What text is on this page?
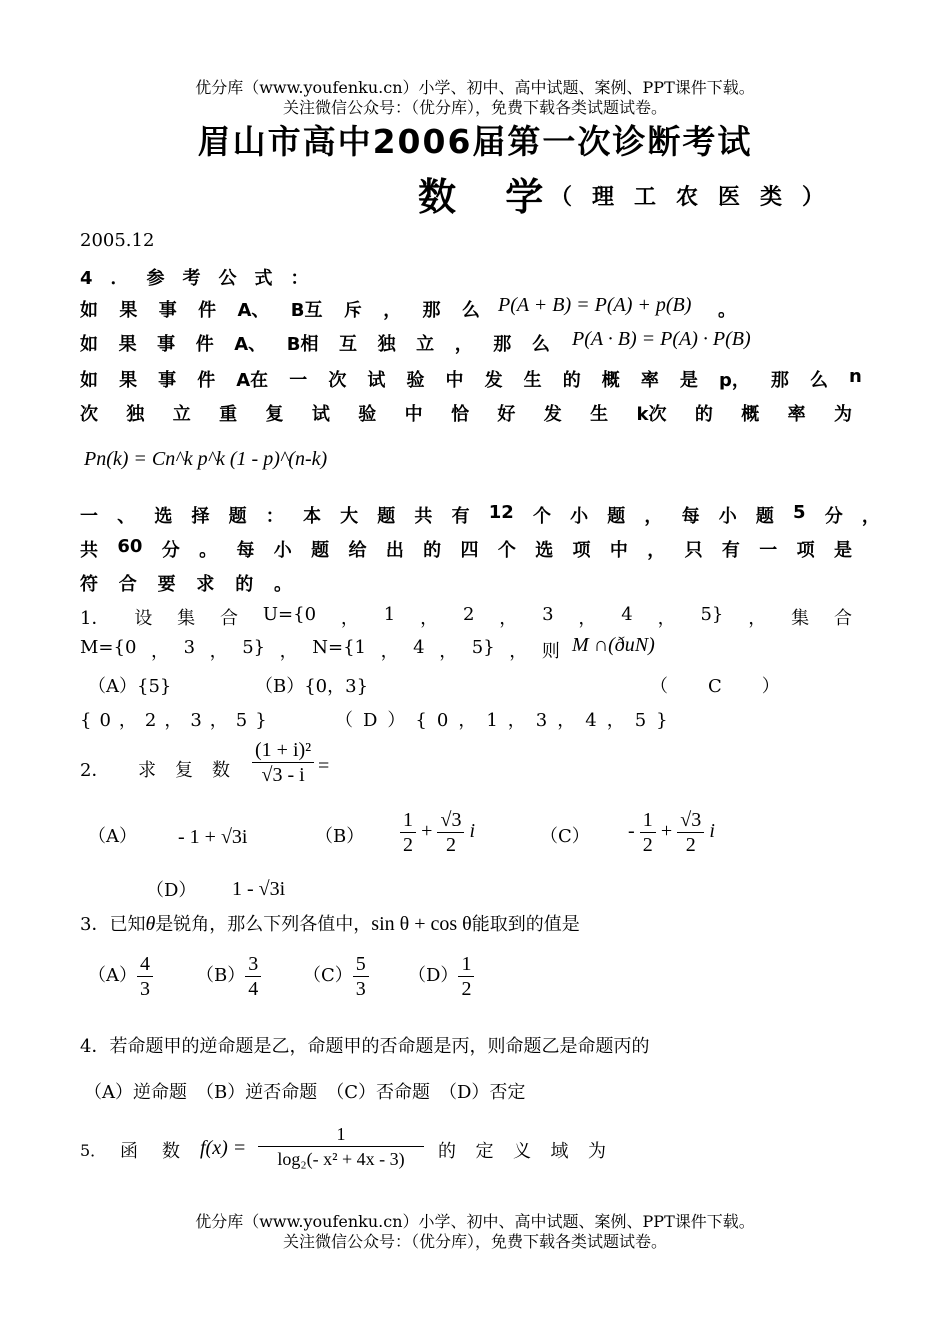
优分库（www.youfenku.cn）小学、初中、高中试题、案例、PPT课件下载。
关注微信公众号：（优分库），免费下载各类试题试卷。
眉山市高中2006届第一次诊断考试
数 学
（理工农医类）
2005.12
4．参考公式：
如 果 事 件 A、 B互 斥 ， 那 么 P(A + B) = P(A) + p(B) 。
如 果 事 件 A、 B相 互 独 立 ， 那 么 P(A · B) = P(A) · P(B)
如 果 事 件 A在 一 次 试 验 中 发 生 的 概 率 是 p， 那 么 n
次 独 立 重 复 试 验 中 恰 好 发 生 k次 的 概 率 为
Pn(k) = Cn^k p^k (1 - p)^(n-k)
一 、 选 择 题 ： 本 大 题 共 有 12 个 小 题 ， 每 小 题 5 分 ，
共 60 分 。 每 小 题 给 出 的 四 个 选 项 中 ， 只 有 一 项 是
符 合 要 求 的 。
1． 设 集 合 U={0 ， 1 ， 2 ， 3 ， 4 ， 5} ， 集 合
M={0 ， 3 ， 5} ， N={1 ， 4 ， 5} ， 则 M ∩(ðuN)
（A）{5}	（B）{0，3}	（C）
{0，2，3，5}	（D）{0，1，3，4，5}
2． 求 复 数 $\frac{\text{(1 + i)²}}{√3 - i}$ =
（A） - 1 + √3i	$(B) \frac{1}{2} + \frac{√3}{2}$ i	$(C) - \frac{1}{2} + \frac{√3}{2}$ i
（D） 1 - √3i
3．已知θ是锐角，那么下列各值中，sin θ + cos θ能取到的值是
$(A) \frac{4}{3} (B) \frac{3}{4} (C) \frac{5}{3} (D) \frac{1}{2}$
4．若命题甲的逆命题是乙，命题甲的否命题是丙，则命题乙是命题丙的
（A）逆命题　（B）逆否命题　（C）否命题　（D）否定
5． 函 数 $f(x) = \frac{1}{\text{log₂(- x² + 4x - 3)}}$ 的 定 义 域 为
优分库（www.youfenku.cn）小学、初中、高中试题、案例、PPT课件下载。
关注微信公众号：（优分库），免费下载各类试题试卷。
